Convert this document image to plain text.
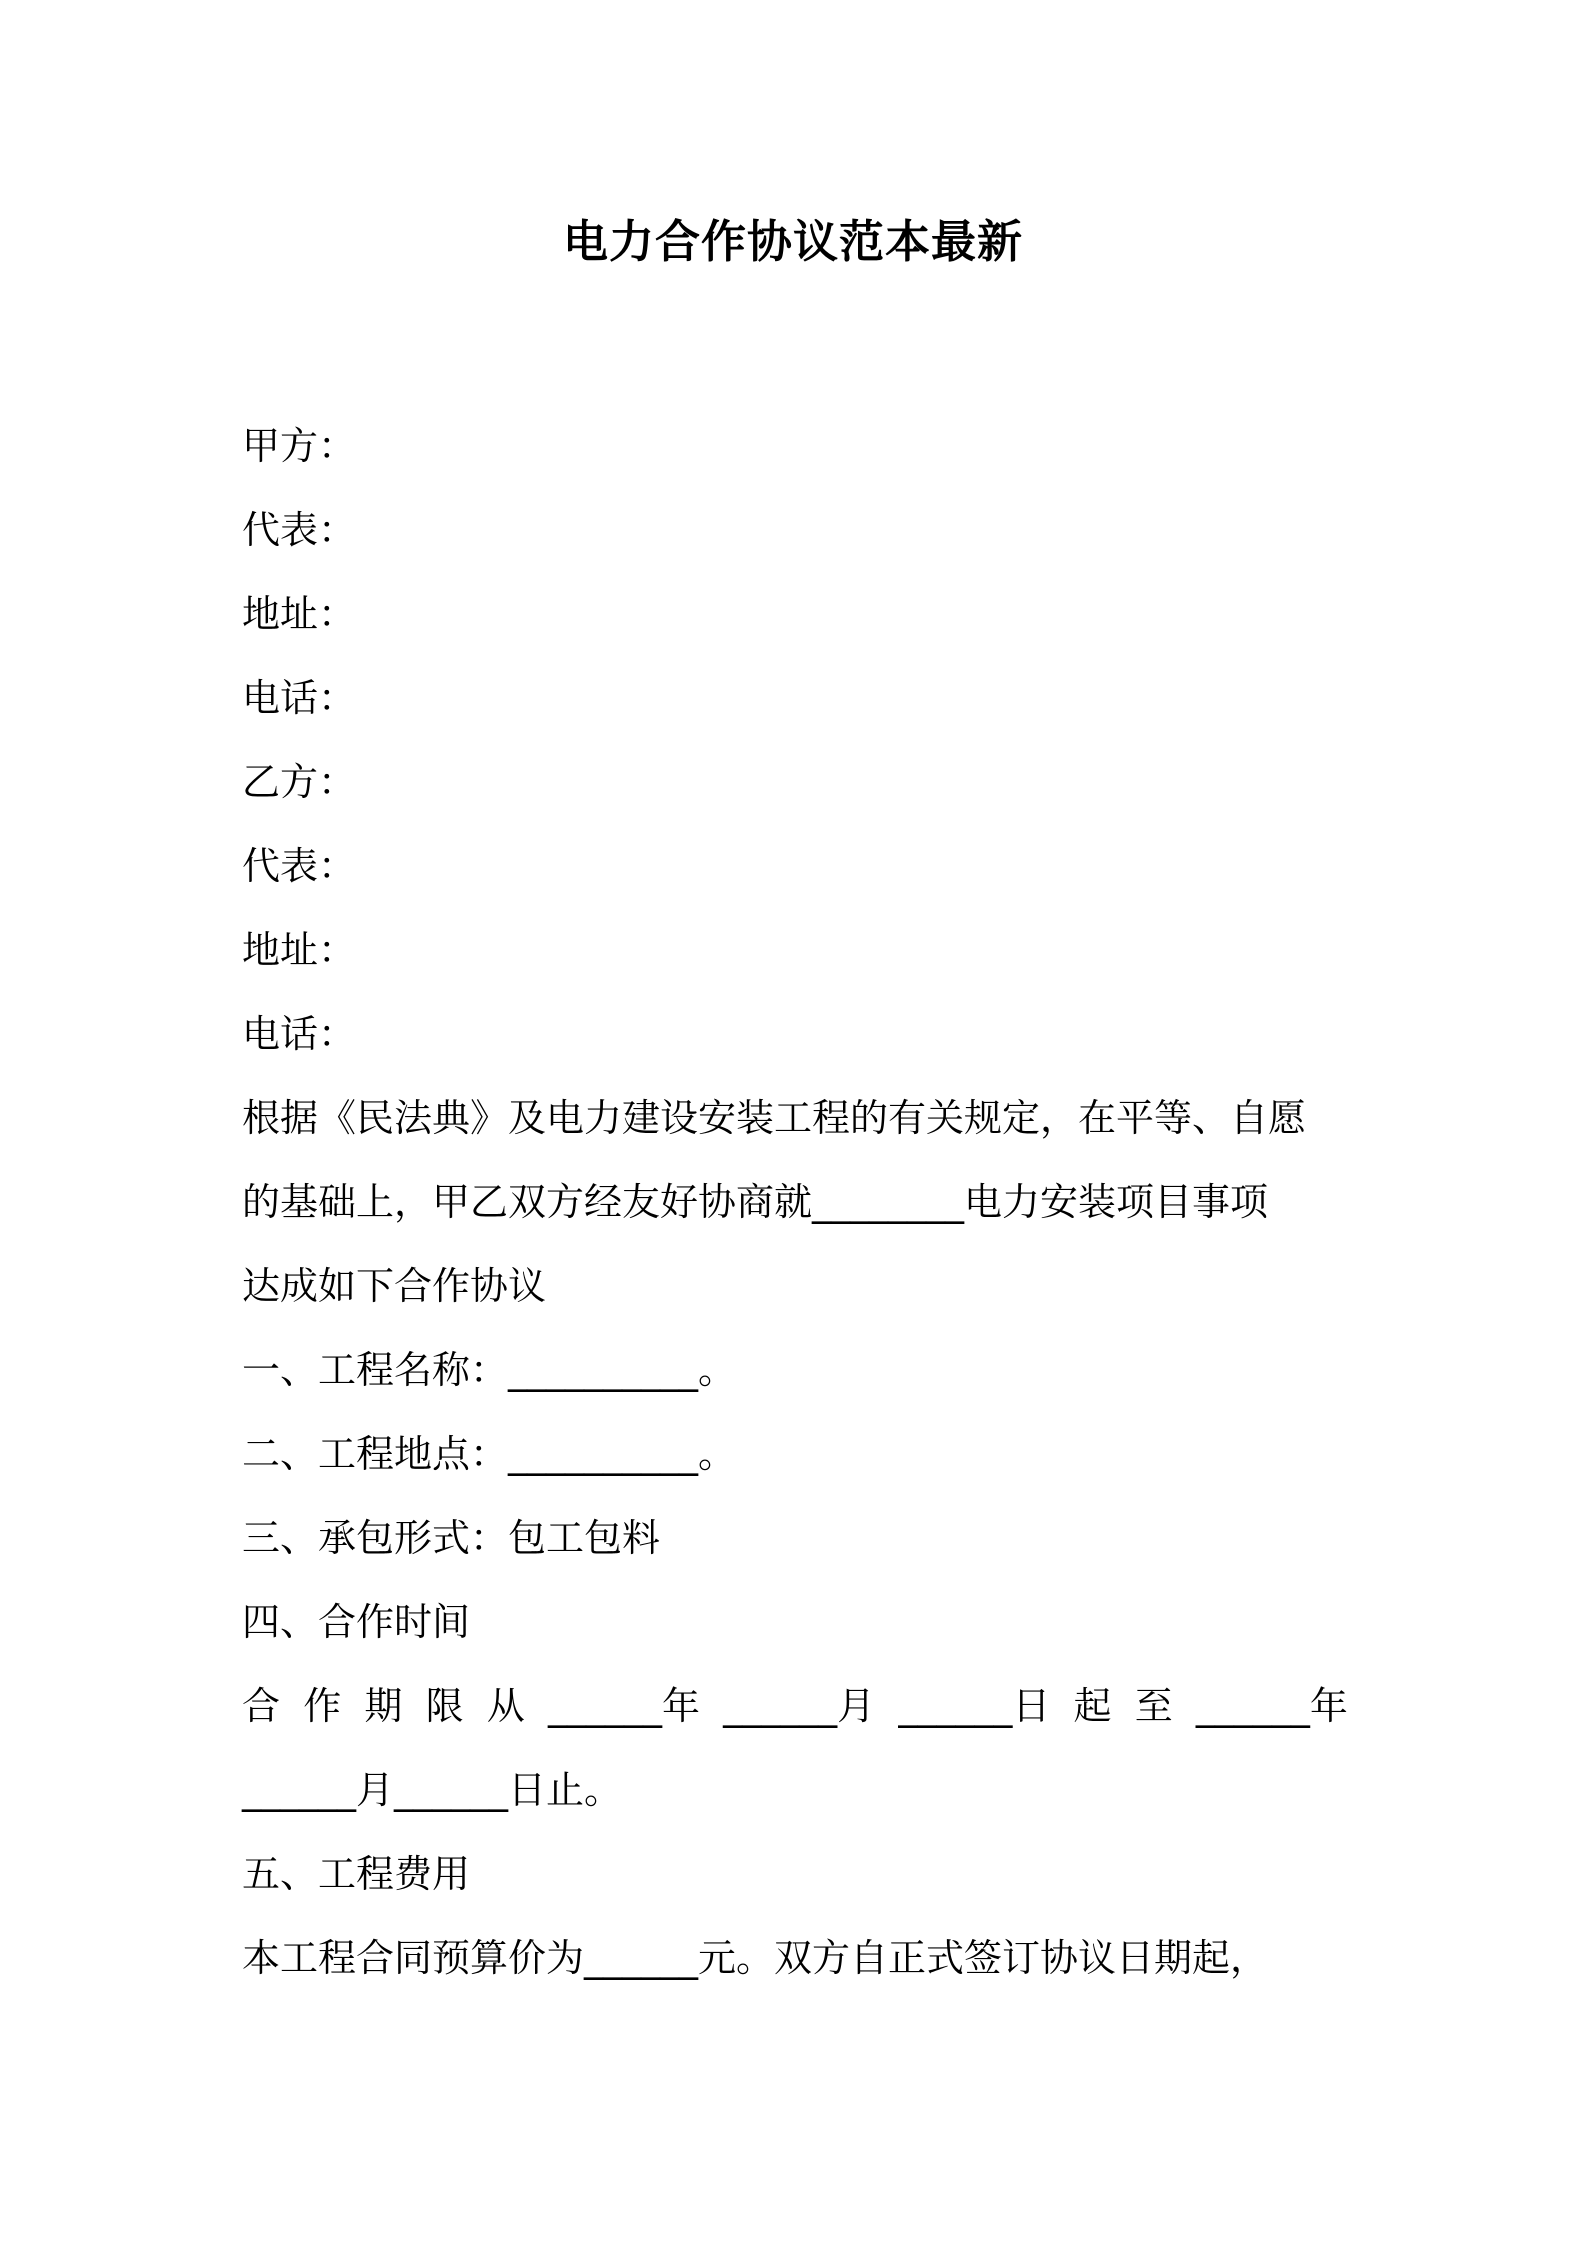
电力合作协议范本最新
甲方：
代表：
地址：
电话：
乙方：
代表：
地址：
电话：
根据《民法典》及电力建设安装工程的有关规定，在平等、自愿
的基础上，甲乙双方经友好协商就________电力安装项目事项
达成如下合作协议
一、工程名称：__________。
二、工程地点：__________。
三、承包形式：包工包料
四、合作时间
合 作 期 限 从 ______年 ______月 ______日 起 至 ______年
______月______日止。
五、工程费用
本工程合同预算价为______元。双方自正式签订协议日期起，
